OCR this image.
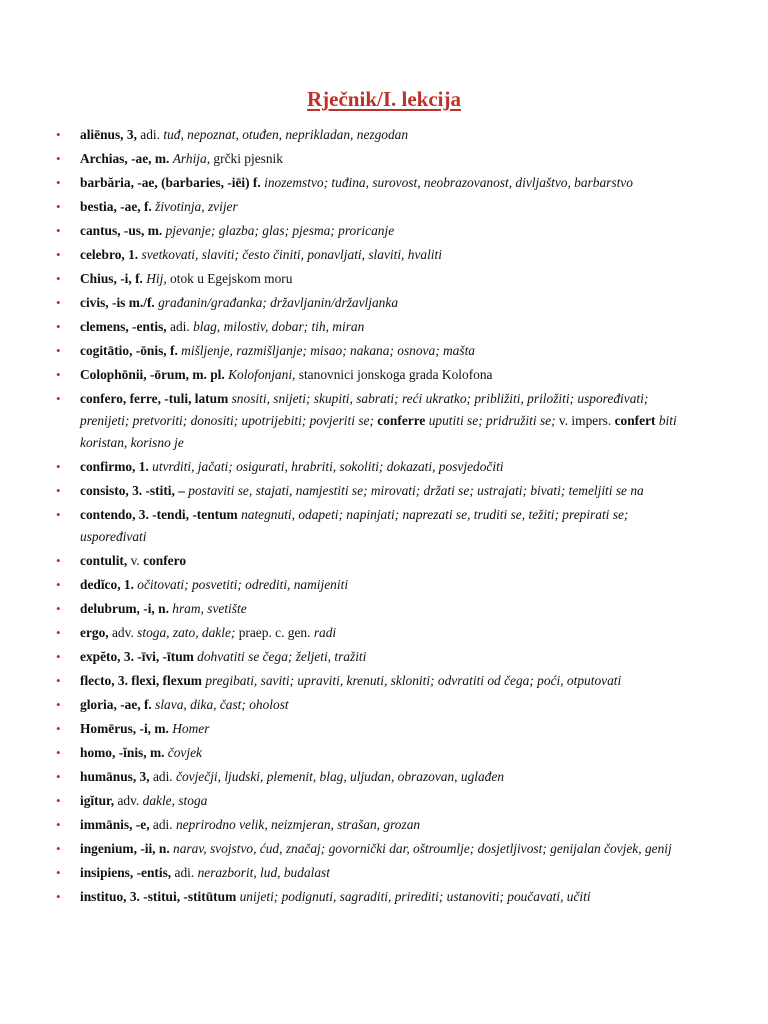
Rječnik/I. lekcija
• aliēnus, 3, adi. tuđ, nepoznat, otuđen, neprikladan, nezgodan
• Archias, -ae, m. Arhija, grčki pjesnik
• barbăria, -ae, (barbaries, -iēi) f. inozemstvo; tuđina, surovost, neobrazovanost, divljaštvo, barbarstvo
• bestia, -ae, f. životinja, zvijer
• cantus, -us, m. pjevanje; glazba; glas; pjesma; proricanje
• celebro, 1. svetkovati, slaviti; često činiti, ponavljati, slaviti, hvaliti
• Chius, -i, f. Hij, otok u Egejskom moru
• civis, -is m./f. građanin/građanka; državljanin/državljanka
• clemens, -entis, adi. blag, milostiv, dobar; tih, miran
• cogitātio, -ōnis, f. mišljenje, razmišljanje; misao; nakana; osnova; mašta
• Colophōnii, -ōrum, m. pl. Kolofonjani, stanovnici jonskoga grada Kolofona
• confero, ferre, -tuli, latum snositi, snijeti; skupiti, sabrati; reći ukratko; približiti, priložiti; uspoređivati; prenijeti; pretvoriti; donositi; upotrijebiti; povjeriti se; conferre uputiti se; pridružiti se; v. impers. confert biti koristan, korisno je
• confirmo, 1. utvrditi, jačati; osigurati, hrabriti, sokoliti; dokazati, posvjedočiti
• consisto, 3. -stiti, – postaviti se, stajati, namjestiti se; mirovati; držati se; ustrajati; bivati; temeljiti se na
• contendo, 3. -tendi, -tentum nategnuti, odapeti; napinjati; naprezati se, truditi se, težiti; prepirati se; uspoređivati
• contulit, v. confero
• dedĭco, 1. očitovati; posvetiti; odrediti, namijeniti
• delubrum, -i, n. hram, svetište
• ergo, adv. stoga, zato, dakle; praep. c. gen. radi
• expĕto, 3. -īvi, -ītum dohvatiti se čega; željeti, tražiti
• flecto, 3. flexi, flexum pregibati, saviti; upraviti, krenuti, skloniti; odvratiti od čega; poći, otputovati
• gloria, -ae, f. slava, dika, čast; oholost
• Homērus, -i, m. Homer
• homo, -ĭnis, m. čovjek
• humānus, 3, adi. čovječji, ljudski, plemenit, blag, uljudan, obrazovan, uglađen
• igĭtur, adv. dakle, stoga
• immānis, -e, adi. neprirodno velik, neizmjeran, strašan, grozan
• ingenium, -ii, n. narav, svojstvo, ćud, značaj; govornički dar, oštroumlje; dosjetljivost; genijalan čovjek, genij
• insipiens, -entis, adi. nerazborit, lud, budalast
• instituo, 3. -stitui, -stitūtum unijeti; podignuti, sagraditi, prirediti; ustanoviti; poučavati, učiti
